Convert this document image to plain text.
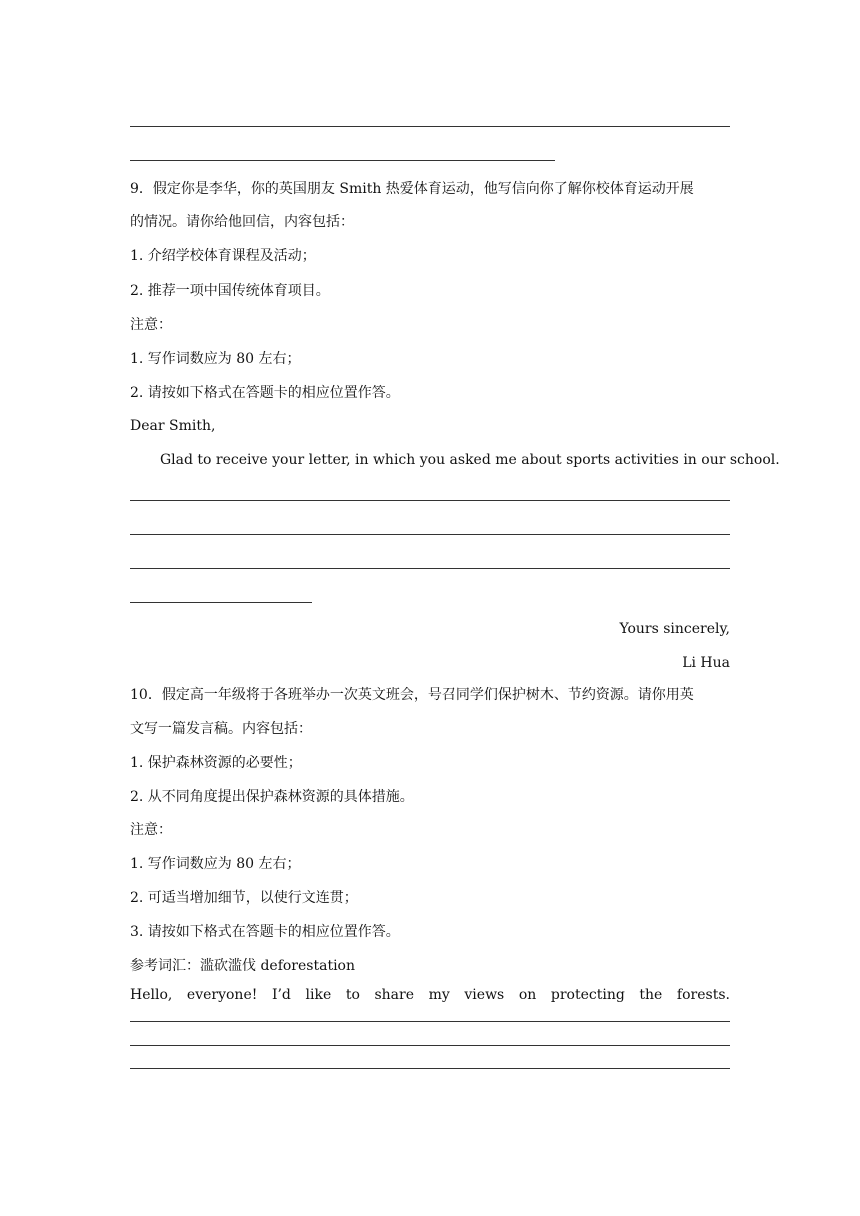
9．假定你是李华，你的英国朋友 Smith 热爱体育运动，他写信向你了解你校体育运动开展
的情况。请你给他回信，内容包括：
1. 介绍学校体育课程及活动；
2. 推荐一项中国传统体育项目。
注意：
1. 写作词数应为 80 左右；
2. 请按如下格式在答题卡的相应位置作答。
Dear Smith,
Glad to receive your letter, in which you asked me about sports activities in our school.
Yours sincerely,
Li Hua
10．假定高一年级将于各班举办一次英文班会，号召同学们保护树木、节约资源。请你用英
文写一篇发言稿。内容包括：
1. 保护森林资源的必要性；
2. 从不同角度提出保护森林资源的具体措施。
注意：
1. 写作词数应为 80 左右；
2. 可适当增加细节，以使行文连贯；
3. 请按如下格式在答题卡的相应位置作答。
参考词汇：滥砍滥伐 deforestation
Hello, everyone! I’d like to share my views on protecting the forests.
